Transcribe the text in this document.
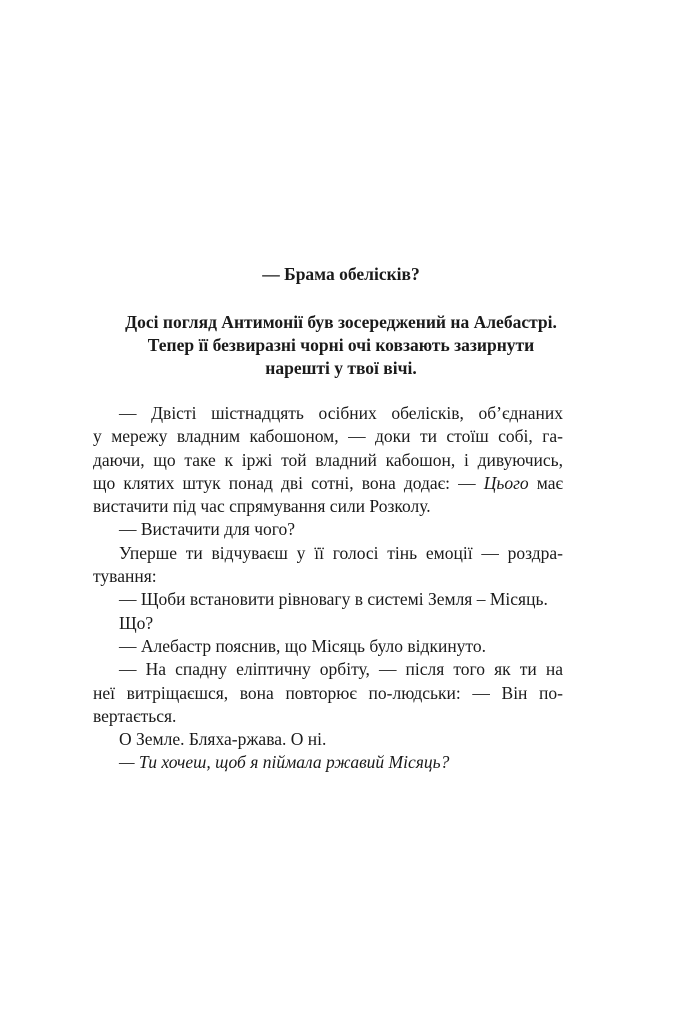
— Брама обелісків?
Досі погляд Антимонії був зосереджений на Алебастрі.
Тепер її безвиразні чорні очі ковзають зазирнути
нарешті у твої вічі.
— Двісті шістнадцять осібних обелісків, об’єднаних
у мережу владним кабошоном, — доки ти стоїш собі, га-
даючи, що таке к іржі той владний кабошон, і дивуючись,
що клятих штук понад дві сотні, вона додає: — Цього має
вистачити під час спрямування сили Розколу.
— Вистачити для чого?
Уперше ти відчуваєш у її голосі тінь емоції — роздра-
тування:
— Щоби встановити рівновагу в системі Земля – Місяць.
Що?
— Алебастр пояснив, що Місяць було відкинуто.
— На спадну еліптичну орбіту, — після того як ти на
неї витріщаєшся, вона повторює по-людськи: — Він по-
вертається.
О Земле. Бляха-ржава. О ні.
— Ти хочеш, щоб я піймала ржавий Місяць?
